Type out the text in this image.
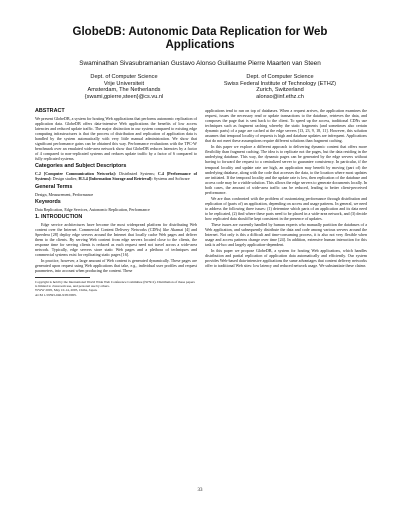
GlobeDB: Autonomic Data Replication for Web
Applications
Swaminathan Sivasubramanian Gustavo Alonso Guillaume Pierre Maarten van Steen
Dept. of Computer Science
Vrije Universiteit
Amsterdam, The Netherlands
{swami,gpierre,steen}@cs.vu.nl
Dept. of Computer Science
Swiss Federal Institute of Technology (ETHZ)
Zurich, Switzerland
alonso@inf.ethz.ch
ABSTRACT
We present GlobeDB, a system for hosting Web applications that performs autonomic replication of application data. GlobeDB offers data-intensive Web applications the benefits of low access latencies and reduced update traffic. The major distinction in our system compared to existing edge computing infrastructures is that the process of distribution and replication of application data is handled by the system automatically with very little manual administration. We show that significant performance gains can be obtained this way. Performance evaluations with the TPC-W benchmark over an emulated wide-area network show that GlobeDB reduces latencies by a factor of 4 compared to non-replicated systems and reduces update traffic by a factor of 6 compared to fully replicated systems.
Categories and Subject Descriptors
C.2 [Computer Communication Networks]: Distributed Systems; C.4 [Performance of Systems]: Design studies; H.3.4 [Information Storage and Retrieval]: Systems and Software
General Terms
Design, Measurement, Performance
Keywords
Data Replication, Edge Services, Autonomic Replication, Performance
1. INTRODUCTION
Edge service architectures have become the most widespread platform for distributing Web content over the Internet. Commercial Content Delivery Networks (CDNs) like Akamai [4] and Speedera [28] deploy edge servers around the Internet that locally cache Web pages and deliver them to the clients. By serving Web content from edge servers located close to the clients, the response time for serving clients is reduced as each request need not travel across a wide-area network. Typically, edge servers store static Web pages and a plethora of techniques and commercial systems exist for replicating static pages [16].
In practice, however, a large amount of Web content is generated dynamically. These pages are generated upon request using Web applications that take, e.g., individual user profiles and request parameters, into account when producing the content. These
Copyright is held by the International World Wide Web Conference Committee (IW3C2). Distribution of these papers is limited to classroom use, and personal use by others.
WWW 2005, May 10-14, 2005, Chiba, Japan.
ACM 1-59593-046-9/05/0005.
applications tend to run on top of databases. When a request arrives, the application examines the request, issues the necessary read or update transactions to the database, retrieves the data, and composes the page that is sent back to the client. To speed up the access, traditional CDNs use techniques such as fragment caching whereby the static fragments (and sometimes also certain dynamic parts) of a page are cached at the edge servers [13, 23, 9, 18, 11]. However, this solution assumes that temporal locality of requests is high and database updates are infrequent. Applications that do not meet these assumptions require different solutions than fragment caching.
In this paper we explore a different approach to delivering dynamic content that offers more flexibility than fragment caching. The idea is to replicate not the pages, but the data residing in the underlying database. This way, the dynamic pages can be generated by the edge servers without having to forward the request to a centralized server to guarantee consistency. In particular, if the temporal locality and update rate are high, an application may benefit by moving (part of) the underlying database, along with the code that accesses the data, to the location where most updates are initiated. If the temporal locality and the update rate is low, then replication of the database and access code may be a viable solution. This allows the edge servers to generate documents locally. In both cases, the amount of wide-area traffic can be reduced, leading to better client-perceived performance.
We are thus confronted with the problem of customizing performance through distribution and replication of (parts of) an application, depending on access and usage patterns. In general, we need to address the following three issues: (1) determine which parts of an application and its data need to be replicated, (2) find where these parts need to be placed in a wide-area network, and (3) decide how replicated data should be kept consistent in the presence of updates.
These issues are currently handled by human experts who manually partition the databases of a Web application, and subsequently distribute the data and code among various servers around the Internet. Not only is this a difficult and time-consuming process, it is also not very flexible when usage and access patterns change over time [24]. In addition, extensive human interaction for this task is ad-hoc and largely application-dependent.
In this paper we propose GlobeDB, a system for hosting Web applications, which handles distribution and partial replication of application data automatically and efficiently. Our system provides Web-based data-intensive applications the same advantages that content delivery networks offer to traditional Web sites: low latency and reduced network usage. We substantiate these claims
33
